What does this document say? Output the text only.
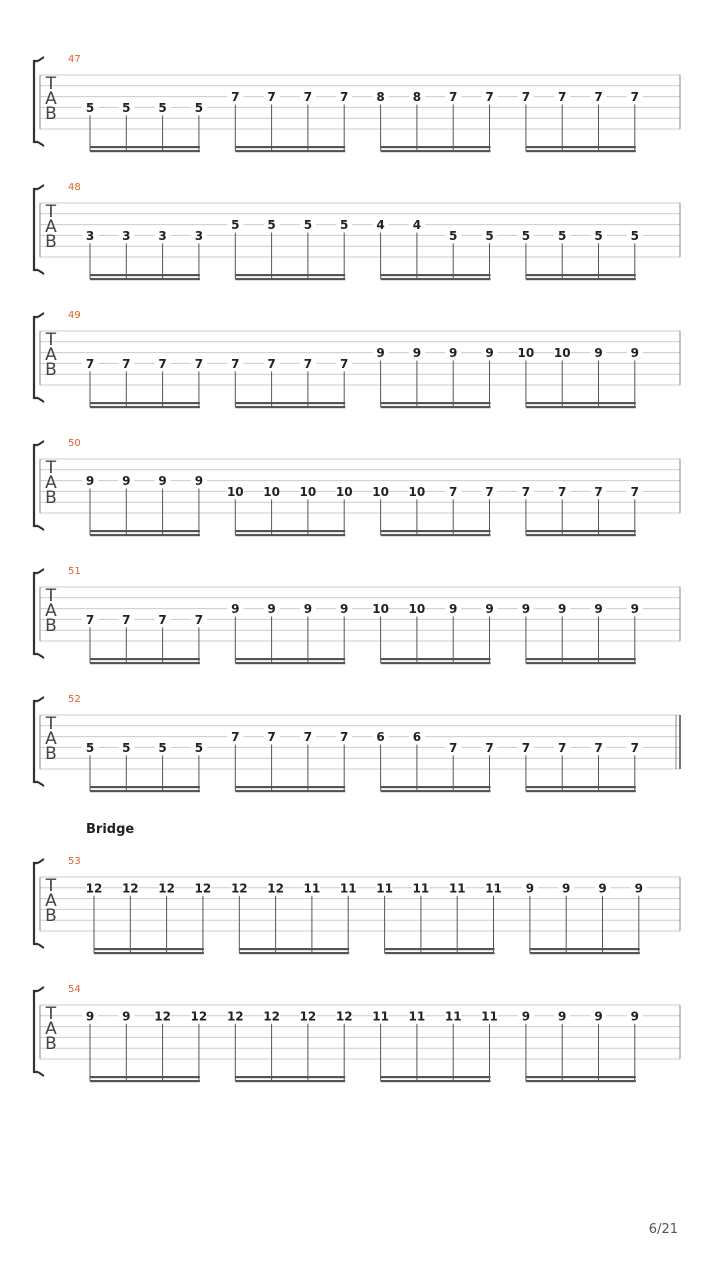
47
T
A
B 5 5 5 5
7 7 7 7 8 8 7 7 7 7 7 7
48
T
A
B 3 3 3 3
5 5 5 5 4 4
5 5 5 5 5 5
49
T
A
B 7 7 7 7 7 7 7 7
9 9 9 9 10 10 9 9
50
T
A
B
9 9 9 9
10 10 10 10 10 10 7 7 7 7 7 7
51
T
A
B 7 7 7 7
9 9 9 9 10 10 9 9 9 9 9 9
52
T
A
B 5 5 5 5
7 7 7 7 6 6
7 7 7 7 7 7
53
T
A
B
12 12 12 12 12 12 11 11 11 11 11 11 9 9 9 9
54
T
A
B
9 9 12 12 12 12 12 12 11 11 11 11 9 9 9 9
Bridge
6/21
